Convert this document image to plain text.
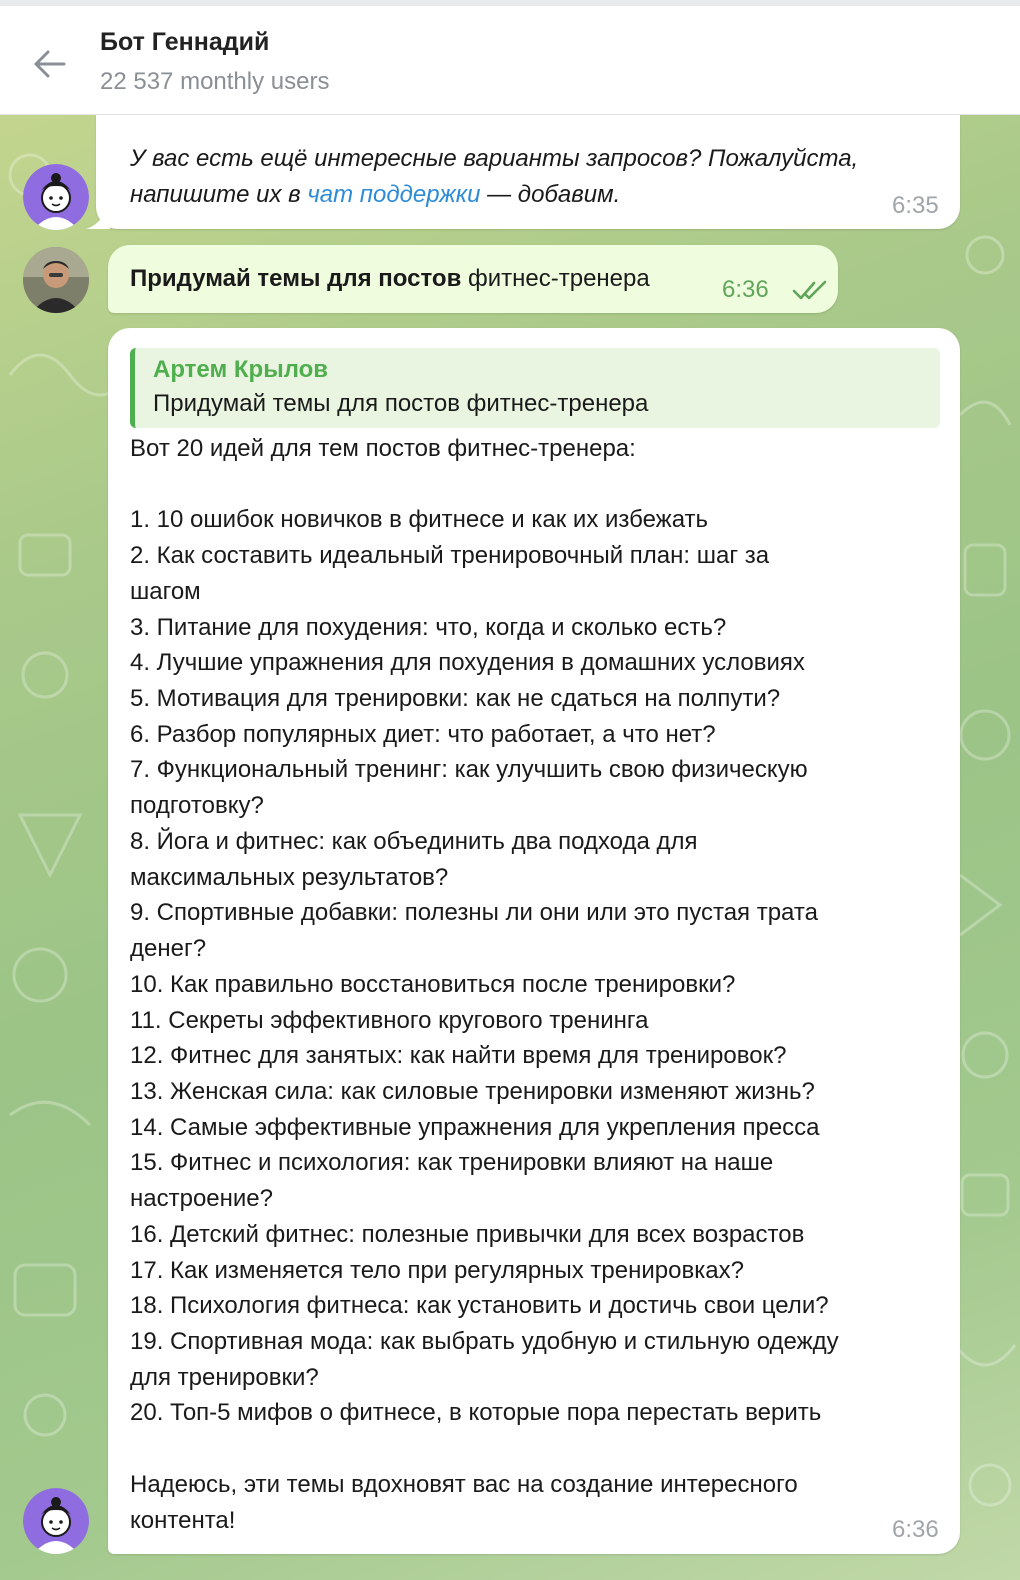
Бот Геннадий
22 537 monthly users
У вас есть ещё интересные варианты запросов? Пожалуйста,
напишите их в чат поддержки — добавим.	6:35
Придумай темы для постов фитнес-тренера	6:36
Артем Крылов
Придумай темы для постов фитнес-тренера
Вот 20 идей для тем постов фитнес-тренера:
1. 10 ошибок новичков в фитнесе и как их избежать
2. Как составить идеальный тренировочный план: шаг за
шагом
3. Питание для похудения: что, когда и сколько есть?
4. Лучшие упражнения для похудения в домашних условиях
5. Мотивация для тренировки: как не сдаться на полпути?
6. Разбор популярных диет: что работает, а что нет?
7. Функциональный тренинг: как улучшить свою физическую
подготовку?
8. Йога и фитнес: как объединить два подхода для
максимальных результатов?
9. Спортивные добавки: полезны ли они или это пустая трата
денег?
10. Как правильно восстановиться после тренировки?
11. Секреты эффективного кругового тренинга
12. Фитнес для занятых: как найти время для тренировок?
13. Женская сила: как силовые тренировки изменяют жизнь?
14. Самые эффективные упражнения для укрепления пресса
15. Фитнес и психология: как тренировки влияют на наше
настроение?
16. Детский фитнес: полезные привычки для всех возрастов
17. Как изменяется тело при регулярных тренировках?
18. Психология фитнеса: как установить и достичь свои цели?
19. Спортивная мода: как выбрать удобную и стильную одежду
для тренировки?
20. Топ-5 мифов о фитнесе, в которые пора перестать верить
Надеюсь, эти темы вдохновят вас на создание интересного
контента!	6:36
